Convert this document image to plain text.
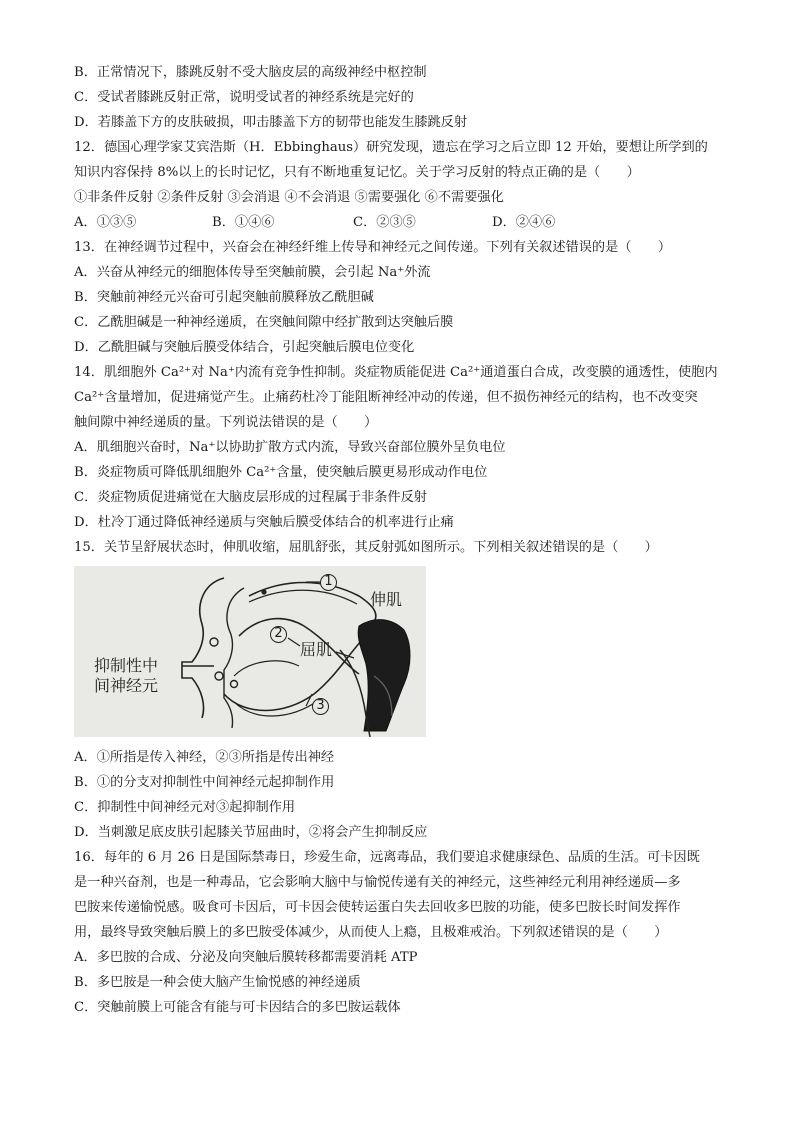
B．正常情况下，膝跳反射不受大脑皮层的高级神经中枢控制
C．受试者膝跳反射正常，说明受试者的神经系统是完好的
D．若膝盖下方的皮肤破损，叩击膝盖下方的韧带也能发生膝跳反射
12．德国心理学家艾宾浩斯（H．Ebbinghaus）研究发现，遗忘在学习之后立即 12 开始，要想让所学到的
知识内容保持 8%以上的长时记忆，只有不断地重复记忆。关于学习反射的特点正确的是（　　）
①非条件反射 ②条件反射 ③会消退 ④不会消退 ⑤需要强化 ⑥不需要强化
A．①③⑤	B．①④⑥	C．②③⑤	D．②④⑥
13．在神经调节过程中，兴奋会在神经纤维上传导和神经元之间传递。下列有关叙述错误的是（　　）
A．兴奋从神经元的细胞体传导至突触前膜，会引起 Na⁺外流
B．突触前神经元兴奋可引起突触前膜释放乙酰胆碱
C．乙酰胆碱是一种神经递质，在突触间隙中经扩散到达突触后膜
D．乙酰胆碱与突触后膜受体结合，引起突触后膜电位变化
14．肌细胞外 Ca²⁺对 Na⁺内流有竞争性抑制。炎症物质能促进 Ca²⁺通道蛋白合成，改变膜的通透性，使胞内
Ca²⁺含量增加，促进痛觉产生。止痛药杜冷丁能阻断神经冲动的传递，但不损伤神经元的结构，也不改变突
触间隙中神经递质的量。下列说法错误的是（　　）
A．肌细胞兴奋时，Na⁺以协助扩散方式内流，导致兴奋部位膜外呈负电位
B．炎症物质可降低肌细胞外 Ca²⁺含量，使突触后膜更易形成动作电位
C．炎症物质促进痛觉在大脑皮层形成的过程属于非条件反射
D．杜冷丁通过降低神经递质与突触后膜受体结合的机率进行止痛
15．关节呈舒展状态时，伸肌收缩，屈肌舒张，其反射弧如图所示。下列相关叙述错误的是（　　）
抑制性中
间神经元
伸肌
屈肌
1
2
3
A．①所指是传入神经，②③所指是传出神经
B．①的分支对抑制性中间神经元起抑制作用
C．抑制性中间神经元对③起抑制作用
D．当刺激足底皮肤引起膝关节屈曲时，②将会产生抑制反应
16．每年的 6 月 26 日是国际禁毒日，珍爱生命，远离毒品，我们要追求健康绿色、品质的生活。可卡因既
是一种兴奋剂，也是一种毒品，它会影响大脑中与愉悦传递有关的神经元，这些神经元利用神经递质—多
巴胺来传递愉悦感。吸食可卡因后，可卡因会使转运蛋白失去回收多巴胺的功能，使多巴胺长时间发挥作
用，最终导致突触后膜上的多巴胺受体减少，从而使人上瘾，且极难戒治。下列叙述错误的是（　　）
A．多巴胺的合成、分泌及向突触后膜转移都需要消耗 ATP
B．多巴胺是一种会使大脑产生愉悦感的神经递质
C．突触前膜上可能含有能与可卡因结合的多巴胺运载体
